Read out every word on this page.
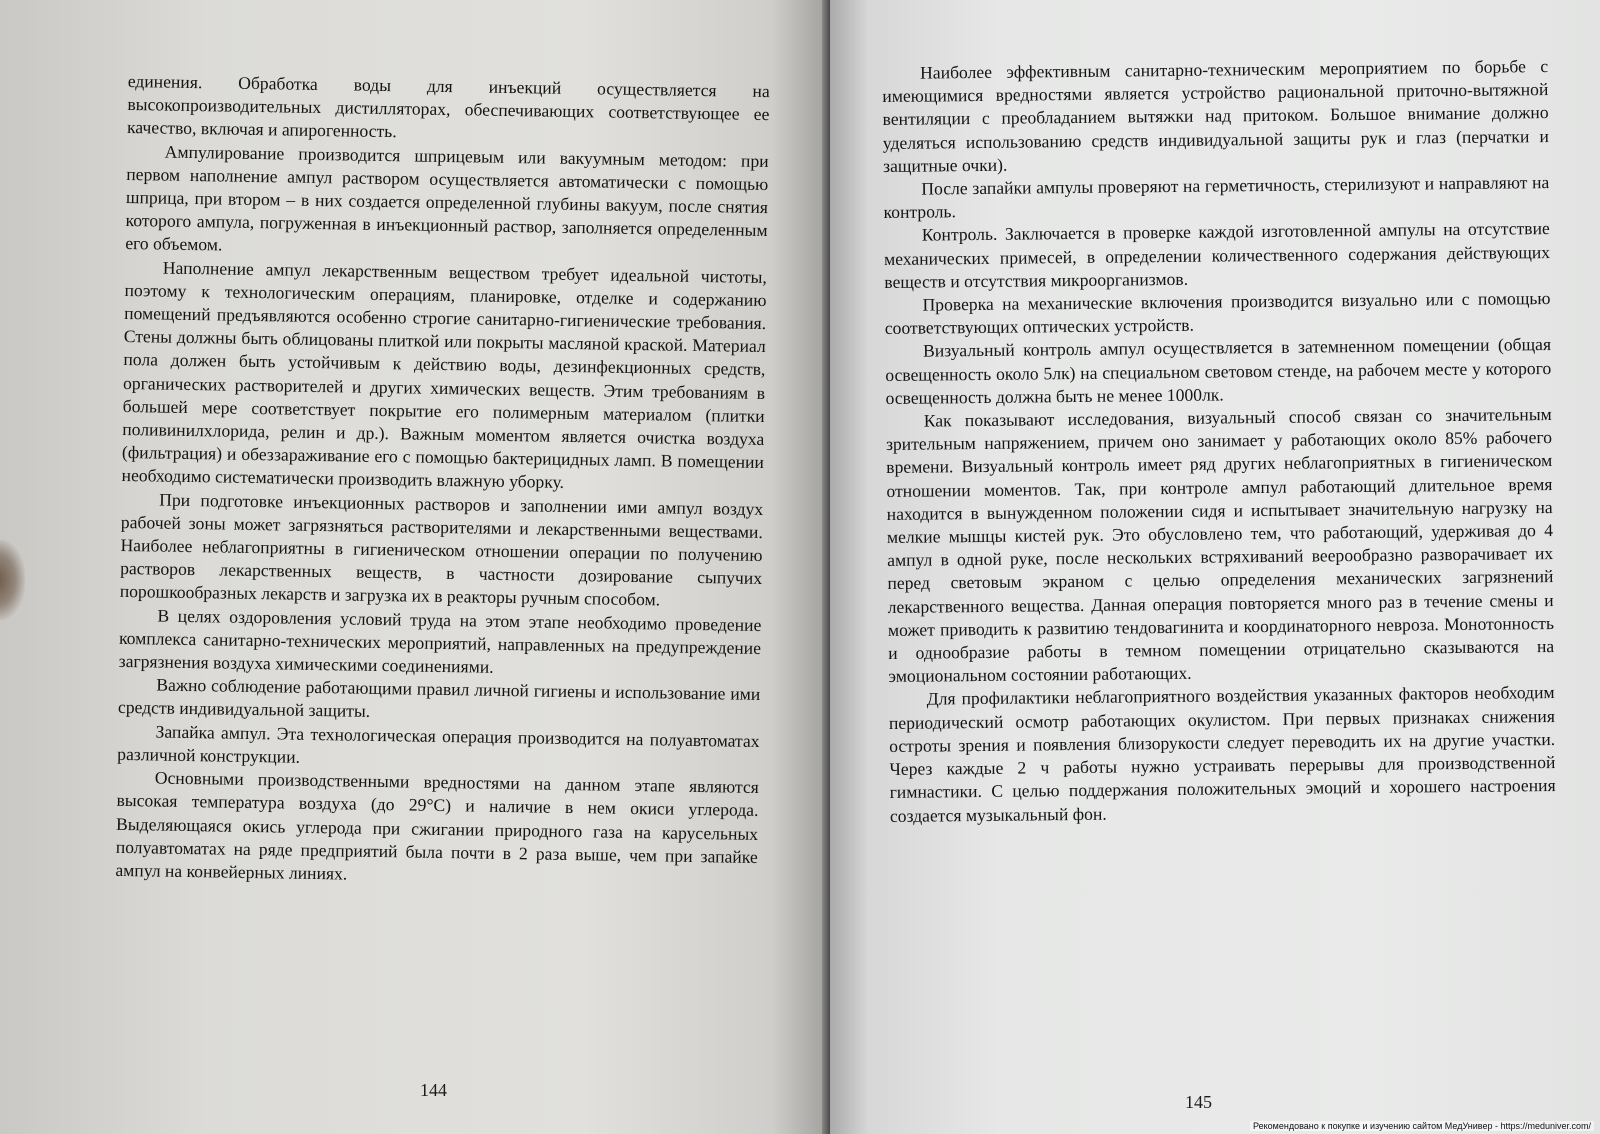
единения. Обработка воды для инъекций осуществляется на высокопроизводительных дистилляторах, обеспечивающих соответствующее ее качество, включая и апирогенность.

Ампулирование производится шприцевым или вакуумным методом: при первом наполнение ампул раствором осуществляется автоматически с помощью шприца, при втором – в них создается определенной глубины вакуум, после снятия которого ампула, погруженная в инъекционный раствор, заполняется определенным его объемом.

Наполнение ампул лекарственным веществом требует идеальной чистоты, поэтому к технологическим операциям, планировке, отделке и содержанию помещений предъявляются особенно строгие санитарно-гигиенические требования. Стены должны быть облицованы плиткой или покрыты масляной краской. Материал пола должен быть устойчивым к действию воды, дезинфекционных средств, органических растворителей и других химических веществ. Этим требованиям в большей мере соответствует покрытие его полимерным материалом (плитки поливинилхлорида, релин и др.). Важным моментом является очистка воздуха (фильтрация) и обеззараживание его с помощью бактерицидных ламп. В помещении необходимо систематически производить влажную уборку.

При подготовке инъекционных растворов и заполнении ими ампул воздух рабочей зоны может загрязняться растворителями и лекарственными веществами. Наиболее неблагоприятны в гигиеническом отношении операции по получению растворов лекарственных веществ, в частности дозирование сыпучих порошкообразных лекарств и загрузка их в реакторы ручным способом.

В целях оздоровления условий труда на этом этапе необходимо проведение комплекса санитарно-технических мероприятий, направленных на предупреждение загрязнения воздуха химическими соединениями.

Важно соблюдение работающими правил личной гигиены и использование ими средств индивидуальной защиты.

Запайка ампул. Эта технологическая операция производится на полуавтоматах различной конструкции.

Основными производственными вредностями на данном этапе являются высокая температура воздуха (до 29°С) и наличие в нем окиси углерода. Выделяющаяся окись углерода при сжигании природного газа на карусельных полуавтоматах на ряде предприятий была почти в 2 раза выше, чем при запайке ампул на конвейерных линиях.

144

Наиболее эффективным санитарно-техническим мероприятием по борьбе с имеющимися вредностями является устройство рациональной приточно-вытяжной вентиляции с преобладанием вытяжки над притоком. Большое внимание должно уделяться использованию средств индивидуальной защиты рук и глаз (перчатки и защитные очки).

После запайки ампулы проверяют на герметичность, стерилизуют и направляют на контроль.

Контроль. Заключается в проверке каждой изготовленной ампулы на отсутствие механических примесей, в определении количественного содержания действующих веществ и отсутствия микроорганизмов.

Проверка на механические включения производится визуально или с помощью соответствующих оптических устройств.

Визуальный контроль ампул осуществляется в затемненном помещении (общая освещенность около 5лк) на специальном световом стенде, на рабочем месте у которого освещенность должна быть не менее 1000лк.

Как показывают исследования, визуальный способ связан со значительным зрительным напряжением, причем оно занимает у работающих около 85% рабочего времени. Визуальный контроль имеет ряд других неблагоприятных в гигиеническом отношении моментов. Так, при контроле ампул работающий длительное время находится в вынужденном положении сидя и испытывает значительную нагрузку на мелкие мышцы кистей рук. Это обусловлено тем, что работающий, удерживая до 4 ампул в одной руке, после нескольких встряхиваний веерообразно разворачивает их перед световым экраном с целью определения механических загрязнений лекарственного вещества. Данная операция повторяется много раз в течение смены и может приводить к развитию тендовагинита и координаторного невроза. Монотонность и однообразие работы в темном помещении отрицательно сказываются на эмоциональном состоянии работающих.

Для профилактики неблагоприятного воздействия указанных факторов необходим периодический осмотр работающих окулистом. При первых признаках снижения остроты зрения и появления близорукости следует переводить их на другие участки. Через каждые 2 ч работы нужно устраивать перерывы для производственной гимнастики. С целью поддержания положительных эмоций и хорошего настроения создается музыкальный фон.

145
Рекомендовано к покупке и изучению сайтом МедУнивер - https://meduniver.com/
